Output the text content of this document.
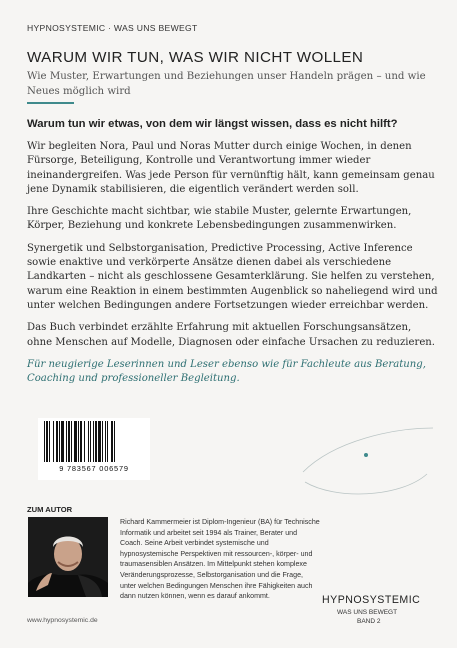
HYPNOSYSTEMIC · WAS UNS BEWEGT
WARUM WIR TUN, WAS WIR NICHT WOLLEN
Wie Muster, Erwartungen und Beziehungen unser Handeln prägen – und wie Neues möglich wird
Warum tun wir etwas, von dem wir längst wissen, dass es nicht hilft?

Wir begleiten Nora, Paul und Noras Mutter durch einige Wochen, in denen Fürsorge, Beteiligung, Kontrolle und Verantwortung immer wieder ineinandergreifen. Was jede Person für vernünftig hält, kann gemeinsam genau jene Dynamik stabilisieren, die eigentlich verändert werden soll.

Ihre Geschichte macht sichtbar, wie stabile Muster, gelernte Erwartungen, Körper, Beziehung und konkrete Lebensbedingungen zusammenwirken.

Synergetik und Selbstorganisation, Predictive Processing, Active Inference sowie enaktive und verkörperte Ansätze dienen dabei als verschiedene Landkarten – nicht als geschlossene Gesamterklärung. Sie helfen zu verstehen, warum eine Reaktion in einem bestimmten Augenblick so naheliegend wird und unter welchen Bedingungen andere Fortsetzungen wieder erreichbar werden.

Das Buch verbindet erzählte Erfahrung mit aktuellen Forschungsansätzen, ohne Menschen auf Modelle, Diagnosen oder einfache Ursachen zu reduzieren.

Für neugierige Leserinnen und Leser ebenso wie für Fachleute aus Beratung, Coaching und professioneller Begleitung.

9 783567 006579
ZUM AUTOR
Richard Kammermeier ist Diplom-Ingenieur (BA) für Technische Informatik und arbeitet seit 1994 als Trainer, Berater und Coach. Seine Arbeit verbindet systemische und hypnosystemische Perspektiven mit ressourcen-, körper- und traumasensiblen Ansätzen. Im Mittelpunkt stehen komplexe Veränderungsprozesse, Selbstorganisation und die Frage, unter welchen Bedingungen Menschen ihre Fähigkeiten auch dann nutzen können, wenn es darauf ankommt.	HYPNOSYSTEMIC
WAS UNS BEWEGT
BAND 2
www.hypnosystemic.de
